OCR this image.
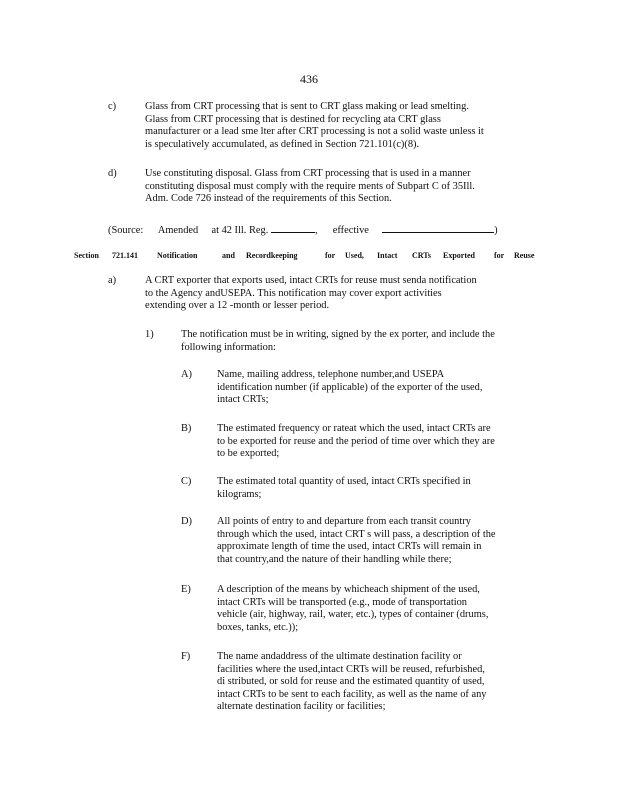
436
c)	Glass from CRT processing that is sent to CRT glass making or lead smelting.

Glass from CRT processing that is destined for recycling ata CRT glass

manufacturer or a lead sme lter after CRT processing is not a solid waste unless it

is speculatively accumulated, as defined in Section 721.101(c)(8).

d)	Use constituting disposal. Glass from CRT processing that is used in a manner

constituting disposal must comply with the require ments of Subpart C of 35Ill.

Adm. Code 726 instead of the requirements of this Section.

(Source: Amended at 42 Ill. Reg.	, effective	)
Section 721.141 Notification	and Recordkeeping	for Used, Intact CRTs Exported for Reuse
a)	A CRT exporter that exports used, intact CRTs for reuse must senda notification
to the Agency andUSEPA. This notification may cover export activities
extending over a 12 -month or lesser period.
1)	The notification must be in writing, signed by the ex porter, and include the

following information:

A) Name, mailing address, telephone number,and USEPA
identification number (if applicable) of the exporter of the used,
intact CRTs;
B) The estimated frequency or rateat which the used, intact CRTs are
to be exported for reuse and the period of time over which they are
to be exported;
C) The estimated total quantity of used, intact CRTs specified in
kilograms;
D) All points of entry to and departure from each transit country
through which the used, intact CRT s will pass, a description of the
approximate length of time the used, intact CRTs will remain in
that country,and the nature of their handling while there;
E)	A description of the means by whicheach shipment of the used,
intact CRTs will be transported (e.g., mode of transportation
vehicle (air, highway, rail, water, etc.), types of container (drums,
boxes, tanks, etc.));
F)	The name andaddress of the ultimate destination facility or
facilities where the used,intact CRTs will be reused, refurbished,
di stributed, or sold for reuse and the estimated quantity of used,
intact CRTs to be sent to each facility, as well as the name of any
alternate destination facility or facilities;
